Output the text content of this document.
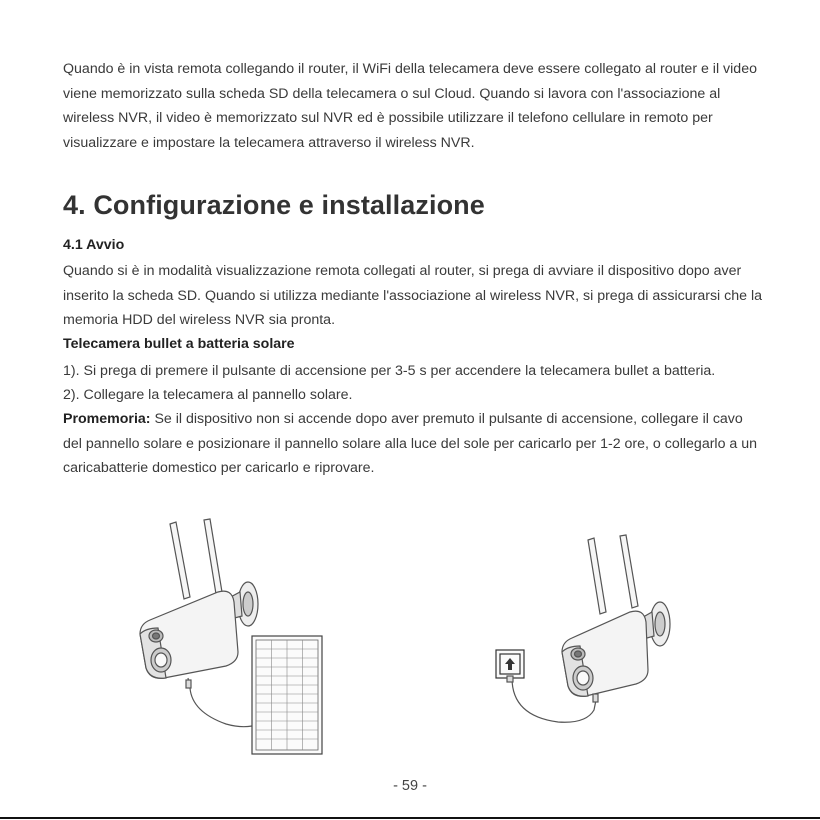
Quando è in vista remota collegando il router, il WiFi della telecamera deve essere collegato al router e il video viene memorizzato sulla scheda SD della telecamera o sul Cloud. Quando si lavora con l'associazione al wireless NVR, il video è memorizzato sul NVR ed è possibile utilizzare il telefono cellulare in remoto per visualizzare e impostare la telecamera attraverso il wireless NVR.

4. Configurazione e installazione
4.1 Avvio

Quando si è in modalità visualizzazione remota collegati al router, si prega di avviare il dispositivo dopo aver inserito la scheda SD. Quando si utilizza mediante l'associazione al wireless NVR, si prega di assicurarsi che la memoria HDD del wireless NVR sia pronta.

Telecamera bullet a batteria solare

1). Si prega di premere il pulsante di accensione per 3-5 s per accendere la telecamera bullet a batteria.

2). Collegare la telecamera al pannello solare.

Promemoria: Se il dispositivo non si accende dopo aver premuto il pulsante di accensione, collegare il cavo del pannello solare e posizionare il pannello solare alla luce del sole per caricarlo per 1-2 ore, o collegarlo a un caricabatterie domestico per caricarlo e riprovare.

- 59 -
